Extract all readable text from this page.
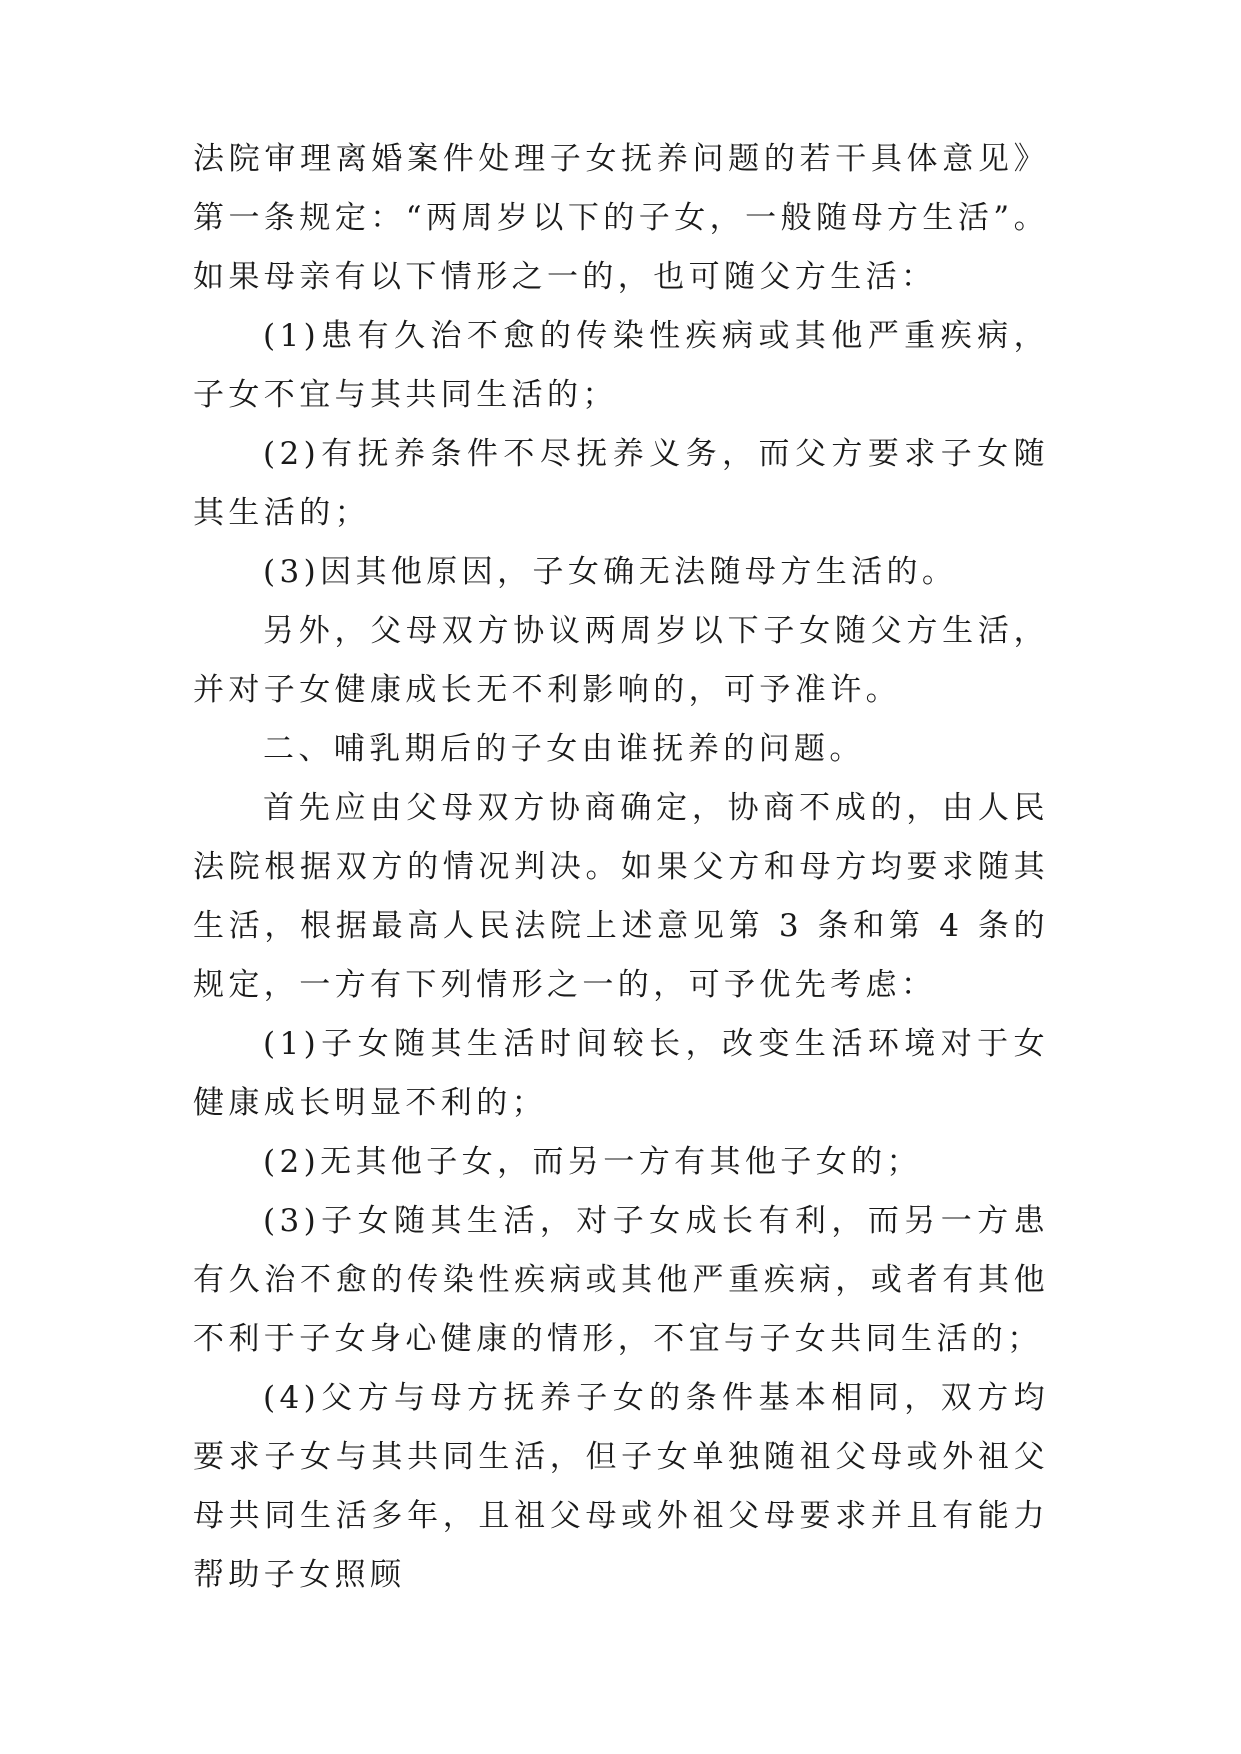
法院审理离婚案件处理子女抚养问题的若干具体意见》第一条规定：“两周岁以下的子女，一般随母方生活”。如果母亲有以下情形之一的，也可随父方生活：

(1)患有久治不愈的传染性疾病或其他严重疾病，子女不宜与其共同生活的；

(2)有抚养条件不尽抚养义务，而父方要求子女随其生活的；

(3)因其他原因，子女确无法随母方生活的。

另外，父母双方协议两周岁以下子女随父方生活，并对子女健康成长无不利影响的，可予准许。

二、哺乳期后的子女由谁抚养的问题。

首先应由父母双方协商确定，协商不成的，由人民法院根据双方的情况判决。如果父方和母方均要求随其生活，根据最高人民法院上述意见第 3 条和第 4 条的规定，一方有下列情形之一的，可予优先考虑：

(1)子女随其生活时间较长，改变生活环境对于女健康成长明显不利的；

(2)无其他子女，而另一方有其他子女的；

(3)子女随其生活，对子女成长有利，而另一方患有久治不愈的传染性疾病或其他严重疾病，或者有其他不利于子女身心健康的情形，不宜与子女共同生活的；

(4)父方与母方抚养子女的条件基本相同，双方均要求子女与其共同生活，但子女单独随祖父母或外祖父母共同生活多年，且祖父母或外祖父母要求并且有能力帮助子女照顾
